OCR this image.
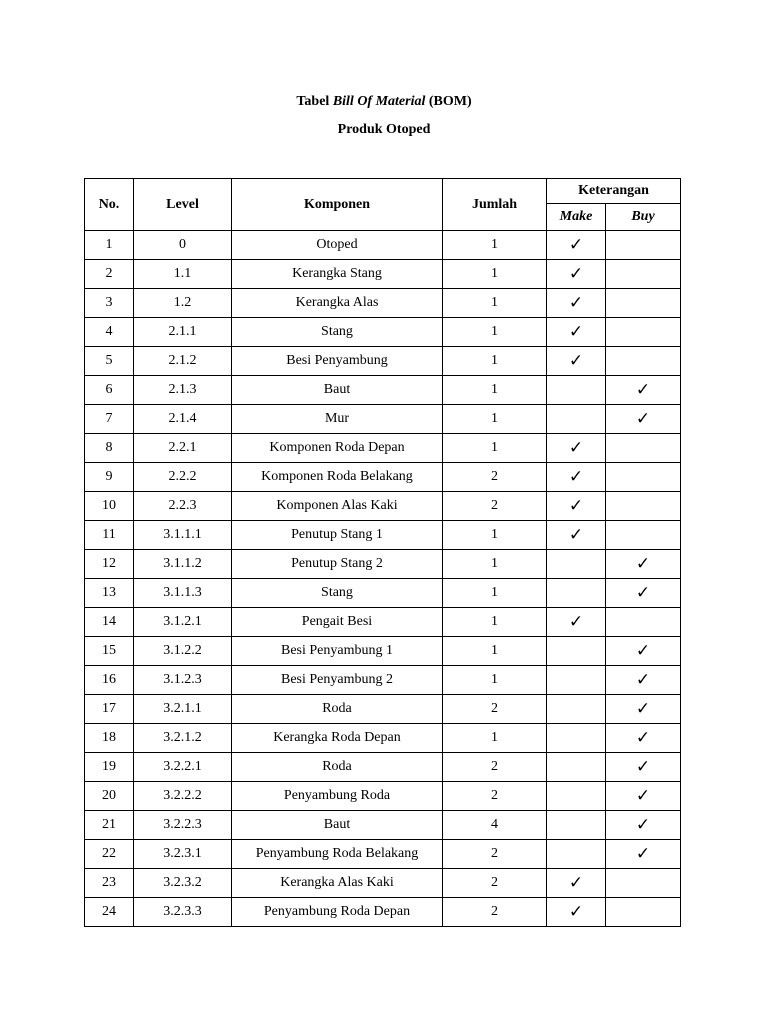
Tabel Bill Of Material (BOM)
Produk Otoped
No.	Level	Komponen	Jumlah	Keterangan	
				Make	Buy
1	0	Otoped	1	✓	
2	1.1	Kerangka Stang	1	✓	
3	1.2	Kerangka Alas	1	✓	
4	2.1.1	Stang	1	✓	
5	2.1.2	Besi Penyambung	1	✓	
6	2.1.3	Baut	1		✓
7	2.1.4	Mur	1		✓
8	2.2.1	Komponen Roda Depan	1	✓	
9	2.2.2	Komponen Roda Belakang	2	✓	
10	2.2.3	Komponen Alas Kaki	2	✓	
11	3.1.1.1	Penutup Stang 1	1	✓	
12	3.1.1.2	Penutup Stang 2	1		✓
13	3.1.1.3	Stang	1		✓
14	3.1.2.1	Pengait Besi	1	✓	
15	3.1.2.2	Besi Penyambung 1	1		✓
16	3.1.2.3	Besi Penyambung 2	1		✓
17	3.2.1.1	Roda	2		✓
18	3.2.1.2	Kerangka Roda Depan	1		✓
19	3.2.2.1	Roda	2		✓
20	3.2.2.2	Penyambung Roda	2		✓
21	3.2.2.3	Baut	4		✓
22	3.2.3.1	Penyambung Roda Belakang	2		✓
23	3.2.3.2	Kerangka Alas Kaki	2	✓	
24	3.2.3.3	Penyambung Roda Depan	2	✓	
